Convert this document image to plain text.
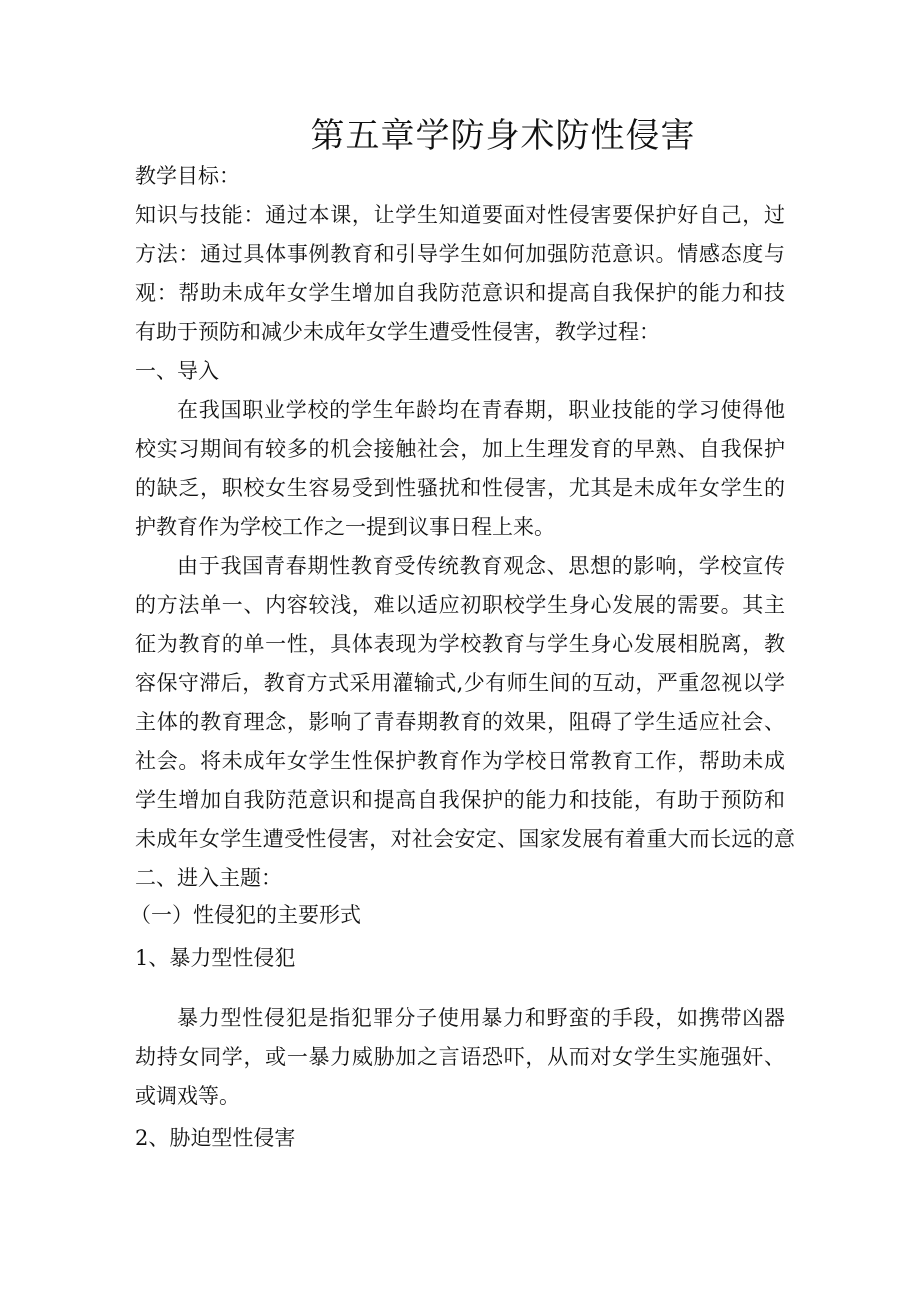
第五章学防身术防性侵害
教学目标：
知识与技能：通过本课，让学生知道要面对性侵害要保护好自己，过
方法：通过具体事例教育和引导学生如何加强防范意识。情感态度与
观：帮助未成年女学生增加自我防范意识和提高自我保护的能力和技
有助于预防和减少未成年女学生遭受性侵害，教学过程：
一、导入
在我国职业学校的学生年龄均在青春期，职业技能的学习使得他
校实习期间有较多的机会接触社会，加上生理发育的早熟、自我保护
的缺乏，职校女生容易受到性骚扰和性侵害，尤其是未成年女学生的
护教育作为学校工作之一提到议事日程上来。
由于我国青春期性教育受传统教育观念、思想的影响，学校宣传
的方法单一、内容较浅，难以适应初职校学生身心发展的需要。其主
征为教育的单一性，具体表现为学校教育与学生身心发展相脱离，教
容保守滞后，教育方式采用灌输式,少有师生间的互动，严重忽视以学
主体的教育理念，影响了青春期教育的效果，阻碍了学生适应社会、
社会。将未成年女学生性保护教育作为学校日常教育工作，帮助未成
学生增加自我防范意识和提高自我保护的能力和技能，有助于预防和
未成年女学生遭受性侵害，对社会安定、国家发展有着重大而长远的意
二、进入主题：
（一）性侵犯的主要形式
1、暴力型性侵犯
暴力型性侵犯是指犯罪分子使用暴力和野蛮的手段，如携带凶器
劫持女同学，或一暴力威胁加之言语恐吓，从而对女学生实施强奸、
或调戏等。
2、胁迫型性侵害
